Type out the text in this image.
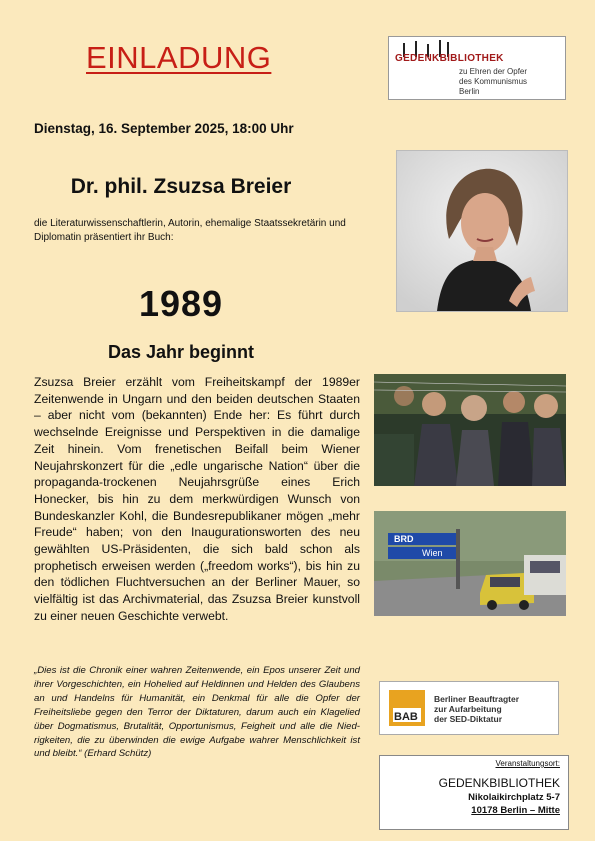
EINLADUNG	GEDENKBIBLIOTHEK
zu Ehren der Opfer
des Kommunismus
Berlin
Dienstag, 16. September 2025, 18:00 Uhr
Dr. phil. Zsuzsa Breier
die Literaturwissenschaftlerin, Autorin, ehemalige Staatssekretärin und Diplomatin präsentiert ihr Buch:
1989
Das Jahr beginnt
Zsuzsa Breier erzählt vom Freiheitskampf der 1989er Zeitenwende in Ungarn und den beiden deutschen Staaten – aber nicht vom (bekannten) Ende her: Es führt durch wechselnde Ereignisse und Perspektiven in die damalige Zeit hinein. Vom frenetischen Beifall beim Wiener Neujahrskonzert für die „edle ungarische Nation“ über die propaganda-trockenen Neujahrsgrüße eines Erich Honecker, bis hin zu dem merkwürdigen Wunsch von Bundeskanzler Kohl, die Bundesrepublikaner mögen „mehr Freude“ haben; von den Inaugurationsworten des neu gewählten US-Präsidenten, die sich bald schon als prophetisch erweisen werden („freedom works“), bis hin zu den tödlichen Fluchtversuchen an der Berliner Mauer, so vielfältig ist das Archivmaterial, das Zsuzsa Breier kunstvoll zu einer neuen Geschichte verwebt.
BRD
Wien
„Dies ist die Chronik einer wahren Zeitenwende, ein Epos unserer Zeit und ihrer Vorgeschichten, ein Hohelied auf Heldinnen und Helden des Glaubens an und Handelns für Humanität, ein Denkmal für alle die Opfer der Freiheitsliebe gegen den Terror der Diktaturen, darum auch ein Klagelied über Dogmatismus, Brutalität, Opportunismus, Feigheit und alle die Niedrigkeiten, die zu überwinden die ewige Aufgabe wahrer Menschlichkeit ist und bleibt.“ (Erhard Schütz)
BAB
Berliner Beauftragter
zur Aufarbeitung
der SED-Diktatur
Veranstaltungsort:
GEDENKBIBLIOTHEK
Nikolaikirchplatz 5-7
10178 Berlin – Mitte
